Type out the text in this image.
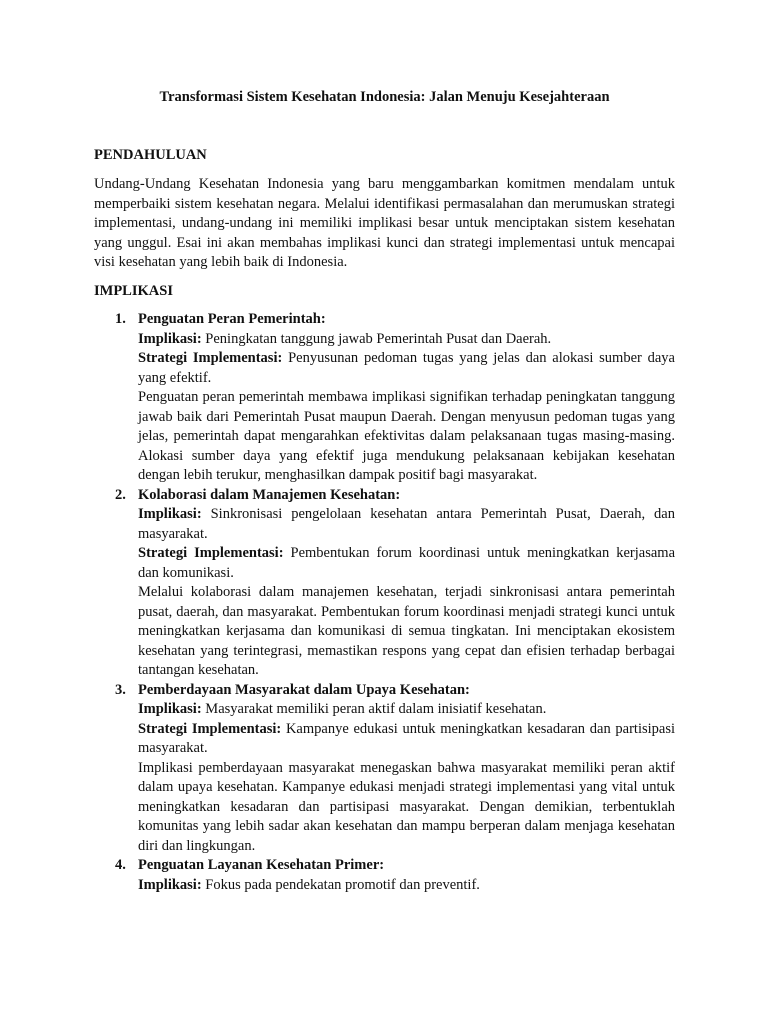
Transformasi Sistem Kesehatan Indonesia: Jalan Menuju Kesejahteraan
PENDAHULUAN
Undang-Undang Kesehatan Indonesia yang baru menggambarkan komitmen mendalam untuk memperbaiki sistem kesehatan negara. Melalui identifikasi permasalahan dan merumuskan strategi implementasi, undang-undang ini memiliki implikasi besar untuk menciptakan sistem kesehatan yang unggul. Esai ini akan membahas implikasi kunci dan strategi implementasi untuk mencapai visi kesehatan yang lebih baik di Indonesia.
IMPLIKASI
1. Penguatan Peran Pemerintah:
Implikasi: Peningkatan tanggung jawab Pemerintah Pusat dan Daerah.
Strategi Implementasi: Penyusunan pedoman tugas yang jelas dan alokasi sumber daya yang efektif.
Penguatan peran pemerintah membawa implikasi signifikan terhadap peningkatan tanggung jawab baik dari Pemerintah Pusat maupun Daerah. Dengan menyusun pedoman tugas yang jelas, pemerintah dapat mengarahkan efektivitas dalam pelaksanaan tugas masing-masing. Alokasi sumber daya yang efektif juga mendukung pelaksanaan kebijakan kesehatan dengan lebih terukur, menghasilkan dampak positif bagi masyarakat.
2. Kolaborasi dalam Manajemen Kesehatan:
Implikasi: Sinkronisasi pengelolaan kesehatan antara Pemerintah Pusat, Daerah, dan masyarakat.
Strategi Implementasi: Pembentukan forum koordinasi untuk meningkatkan kerjasama dan komunikasi.
Melalui kolaborasi dalam manajemen kesehatan, terjadi sinkronisasi antara pemerintah pusat, daerah, dan masyarakat. Pembentukan forum koordinasi menjadi strategi kunci untuk meningkatkan kerjasama dan komunikasi di semua tingkatan. Ini menciptakan ekosistem kesehatan yang terintegrasi, memastikan respons yang cepat dan efisien terhadap berbagai tantangan kesehatan.
3. Pemberdayaan Masyarakat dalam Upaya Kesehatan:
Implikasi: Masyarakat memiliki peran aktif dalam inisiatif kesehatan.
Strategi Implementasi: Kampanye edukasi untuk meningkatkan kesadaran dan partisipasi masyarakat.
Implikasi pemberdayaan masyarakat menegaskan bahwa masyarakat memiliki peran aktif dalam upaya kesehatan. Kampanye edukasi menjadi strategi implementasi yang vital untuk meningkatkan kesadaran dan partisipasi masyarakat. Dengan demikian, terbentuklah komunitas yang lebih sadar akan kesehatan dan mampu berperan dalam menjaga kesehatan diri dan lingkungan.
4. Penguatan Layanan Kesehatan Primer:
Implikasi: Fokus pada pendekatan promotif dan preventif.
